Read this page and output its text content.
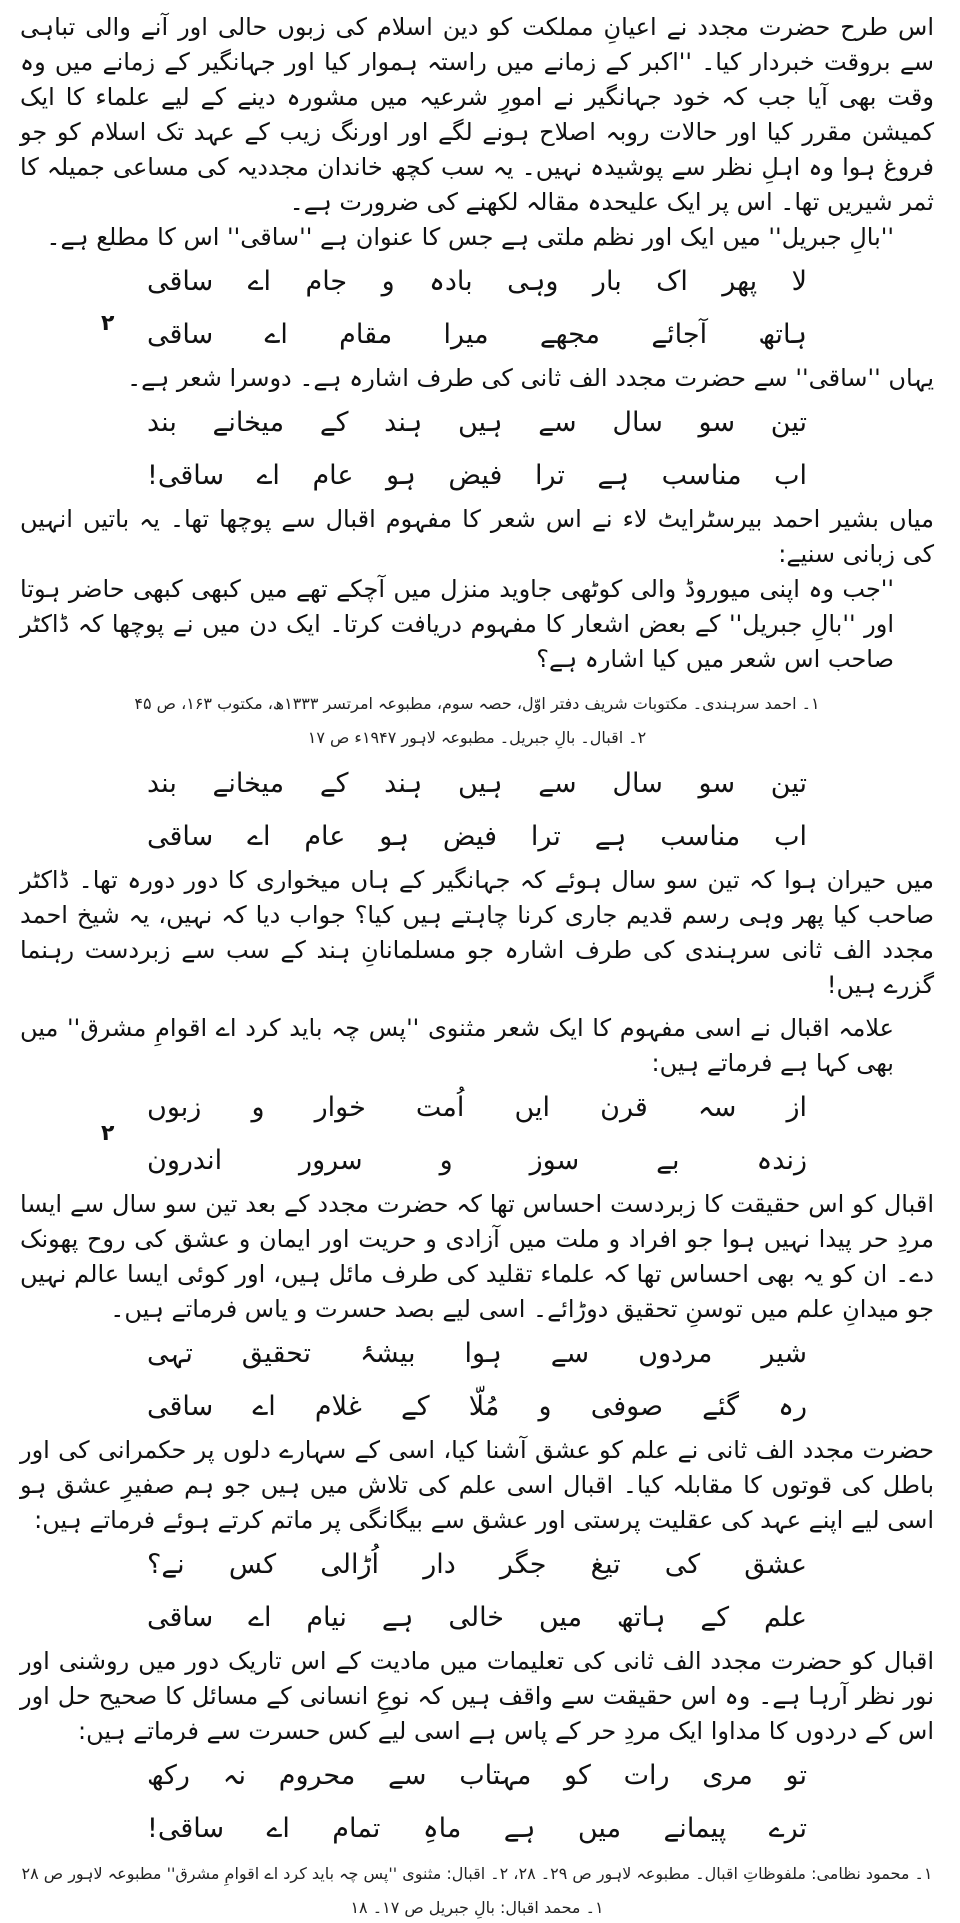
اس طرح حضرت مجدد نے اعیانِ مملکت کو دین اسلام کی زبوں حالی اور آنے والی تباہی سے بروقت خبردار کیا۔ ''اکبر کے زمانے میں راستہ ہموار کیا اور جہانگیر کے زمانے میں وہ وقت بھی آیا جب کہ خود جہانگیر نے امورِ شرعیہ میں مشورہ دینے کے لیے علماء کا ایک کمیشن مقرر کیا اور حالات روبہ اصلاح ہونے لگے اور اورنگ زیب کے عہد تک اسلام کو جو فروغ ہوا وہ اہلِ نظر سے پوشیدہ نہیں۔ یہ سب کچھ خاندان مجددیہ کی مساعی جمیلہ کا ثمر شیریں تھا۔ اس پر ایک علیحدہ مقالہ لکھنے کی ضرورت ہے۔

''بالِ جبریل'' میں ایک اور نظم ملتی ہے جس کا عنوان ہے ''ساقی'' اس کا مطلع ہے۔

لا پھر اک بار وہی بادہ و جام اے ساقی
ہاتھ آجائے مجھے میرا مقام اے ساقی
۲

یہاں ''ساقی'' سے حضرت مجدد الف ثانی کی طرف اشارہ ہے۔ دوسرا شعر ہے۔

تین سو سال سے ہیں ہند کے میخانے بند
اب مناسب ہے ترا فیض ہو عام اے ساقی!

میاں بشیر احمد بیرسٹرایٹ لاء نے اس شعر کا مفہوم اقبال سے پوچھا تھا۔ یہ باتیں انہیں کی زبانی سنیے:

''جب وہ اپنی میوروڈ والی کوٹھی جاوید منزل میں آچکے تھے میں کبھی کبھی حاضر ہوتا اور ''بالِ جبریل'' کے بعض اشعار کا مفہوم دریافت کرتا۔ ایک دن میں نے پوچھا کہ ڈاکٹر صاحب اس شعر میں کیا اشارہ ہے؟

۱۔ احمد سرہندی۔ مکتوبات شریف دفتر اوّل، حصہ سوم، مطبوعہ امرتسر ۱۳۳۳ھ، مکتوب ۱۶۳، ص ۴۵
۲۔ اقبال۔ بالِ جبریل۔ مطبوعہ لاہور ۱۹۴۷ء ص ۱۷
تین سو سال سے ہیں ہند کے میخانے بند
اب مناسب ہے ترا فیض ہو عام اے ساقی

میں حیران ہوا کہ تین سو سال ہوئے کہ جہانگیر کے ہاں میخواری کا دور دورہ تھا۔ ڈاکٹر صاحب کیا پھر وہی رسم قدیم جاری کرنا چاہتے ہیں کیا؟ جواب دیا کہ نہیں، یہ شیخ احمد مجدد الف ثانی سرہندی کی طرف اشارہ جو مسلمانانِ ہند کے سب سے زبردست رہنما گزرے ہیں!

علامہ اقبال نے اسی مفہوم کا ایک شعر مثنوی ''پس چہ باید کرد اے اقوامِ مشرق'' میں بھی کہا ہے فرماتے ہیں:

از سہ قرن ایں اُمت خوار و زبوں
زندہ بے سوز و سرور اندرون
۲

اقبال کو اس حقیقت کا زبردست احساس تھا کہ حضرت مجدد کے بعد تین سو سال سے ایسا مردِ حر پیدا نہیں ہوا جو افراد و ملت میں آزادی و حریت اور ایمان و عشق کی روح پھونک دے۔ ان کو یہ بھی احساس تھا کہ علماء تقلید کی طرف مائل ہیں، اور کوئی ایسا عالم نہیں جو میدانِ علم میں توسنِ تحقیق دوڑائے۔ اسی لیے بصد حسرت و یاس فرماتے ہیں۔

شیر مردوں سے ہوا بیشۂ تحقیق تہی
رہ گئے صوفی و مُلّا کے غلام اے ساقی

حضرت مجدد الف ثانی نے علم کو عشق آشنا کیا، اسی کے سہارے دلوں پر حکمرانی کی اور باطل کی قوتوں کا مقابلہ کیا۔ اقبال اسی علم کی تلاش میں ہیں جو ہم صفیرِ عشق ہو اسی لیے اپنے عہد کی عقلیت پرستی اور عشق سے بیگانگی پر ماتم کرتے ہوئے فرماتے ہیں:

عشق کی تیغ جگر دار اُڑالی کس نے؟
علم کے ہاتھ میں خالی ہے نیام اے ساقی

اقبال کو حضرت مجدد الف ثانی کی تعلیمات میں مادیت کے اس تاریک دور میں روشنی اور نور نظر آرہا ہے۔ وہ اس حقیقت سے واقف ہیں کہ نوعِ انسانی کے مسائل کا صحیح حل اور اس کے دردوں کا مداوا ایک مردِ حر کے پاس ہے اسی لیے کس حسرت سے فرماتے ہیں:

تو مری رات کو مہتاب سے محروم نہ رکھ
ترے پیمانے میں ہے ماہِ تمام اے ساقی!
۱۔ محمود نظامی: ملفوظاتِ اقبال۔ مطبوعہ لاہور ص ۲۹۔ ۲۸، ۲۔ اقبال: مثنوی ''پس چہ باید کرد اے اقوامِ مشرق'' مطبوعہ لاہور ص ۲۸
۱۔ محمد اقبال: بالِ جبریل ص ۱۷۔ ۱۸
